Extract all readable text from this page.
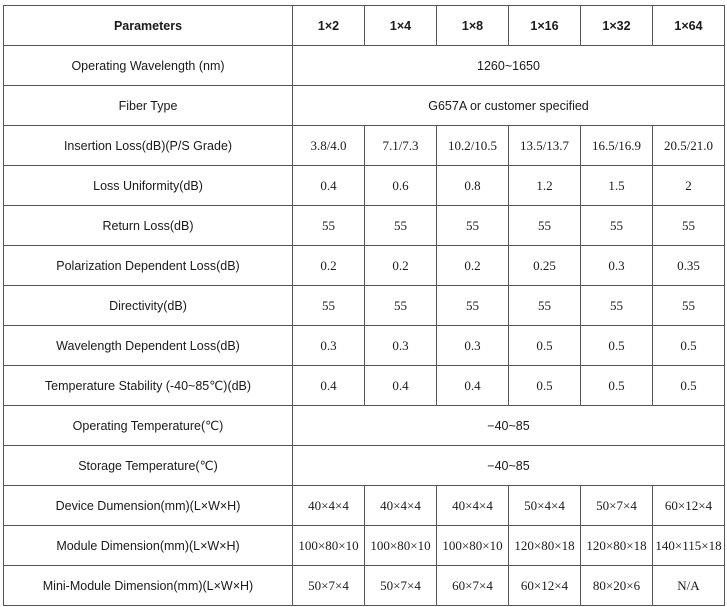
Parameters	1×2	1×4	1×8	1×16	1×32	1×64
Operating Wavelength (nm)	1260~1650					
Fiber Type	G657A or customer specified					
Insertion Loss(dB)(P/S Grade)	3.8/4.0	7.1/7.3	10.2/10.5	13.5/13.7	16.5/16.9	20.5/21.0
Loss Uniformity(dB)	0.4	0.6	0.8	1.2	1.5	2
Return Loss(dB)	55	55	55	55	55	55
Polarization Dependent Loss(dB)	0.2	0.2	0.2	0.25	0.3	0.35
Directivity(dB)	55	55	55	55	55	55
Wavelength Dependent Loss(dB)	0.3	0.3	0.3	0.5	0.5	0.5
Temperature Stability (-40~85℃)(dB)	0.4	0.4	0.4	0.5	0.5	0.5
Operating Temperature(℃)	−40~85					
Storage Temperature(℃)	−40~85					
Device Dumension(mm)(L×W×H)	40×4×4	40×4×4	40×4×4	50×4×4	50×7×4	60×12×4
Module Dimension(mm)(L×W×H)	100×80×10	100×80×10	100×80×10	120×80×18	120×80×18	140×115×18
Mini-Module Dimension(mm)(L×W×H)	50×7×4	50×7×4	60×7×4	60×12×4	80×20×6	N/A
